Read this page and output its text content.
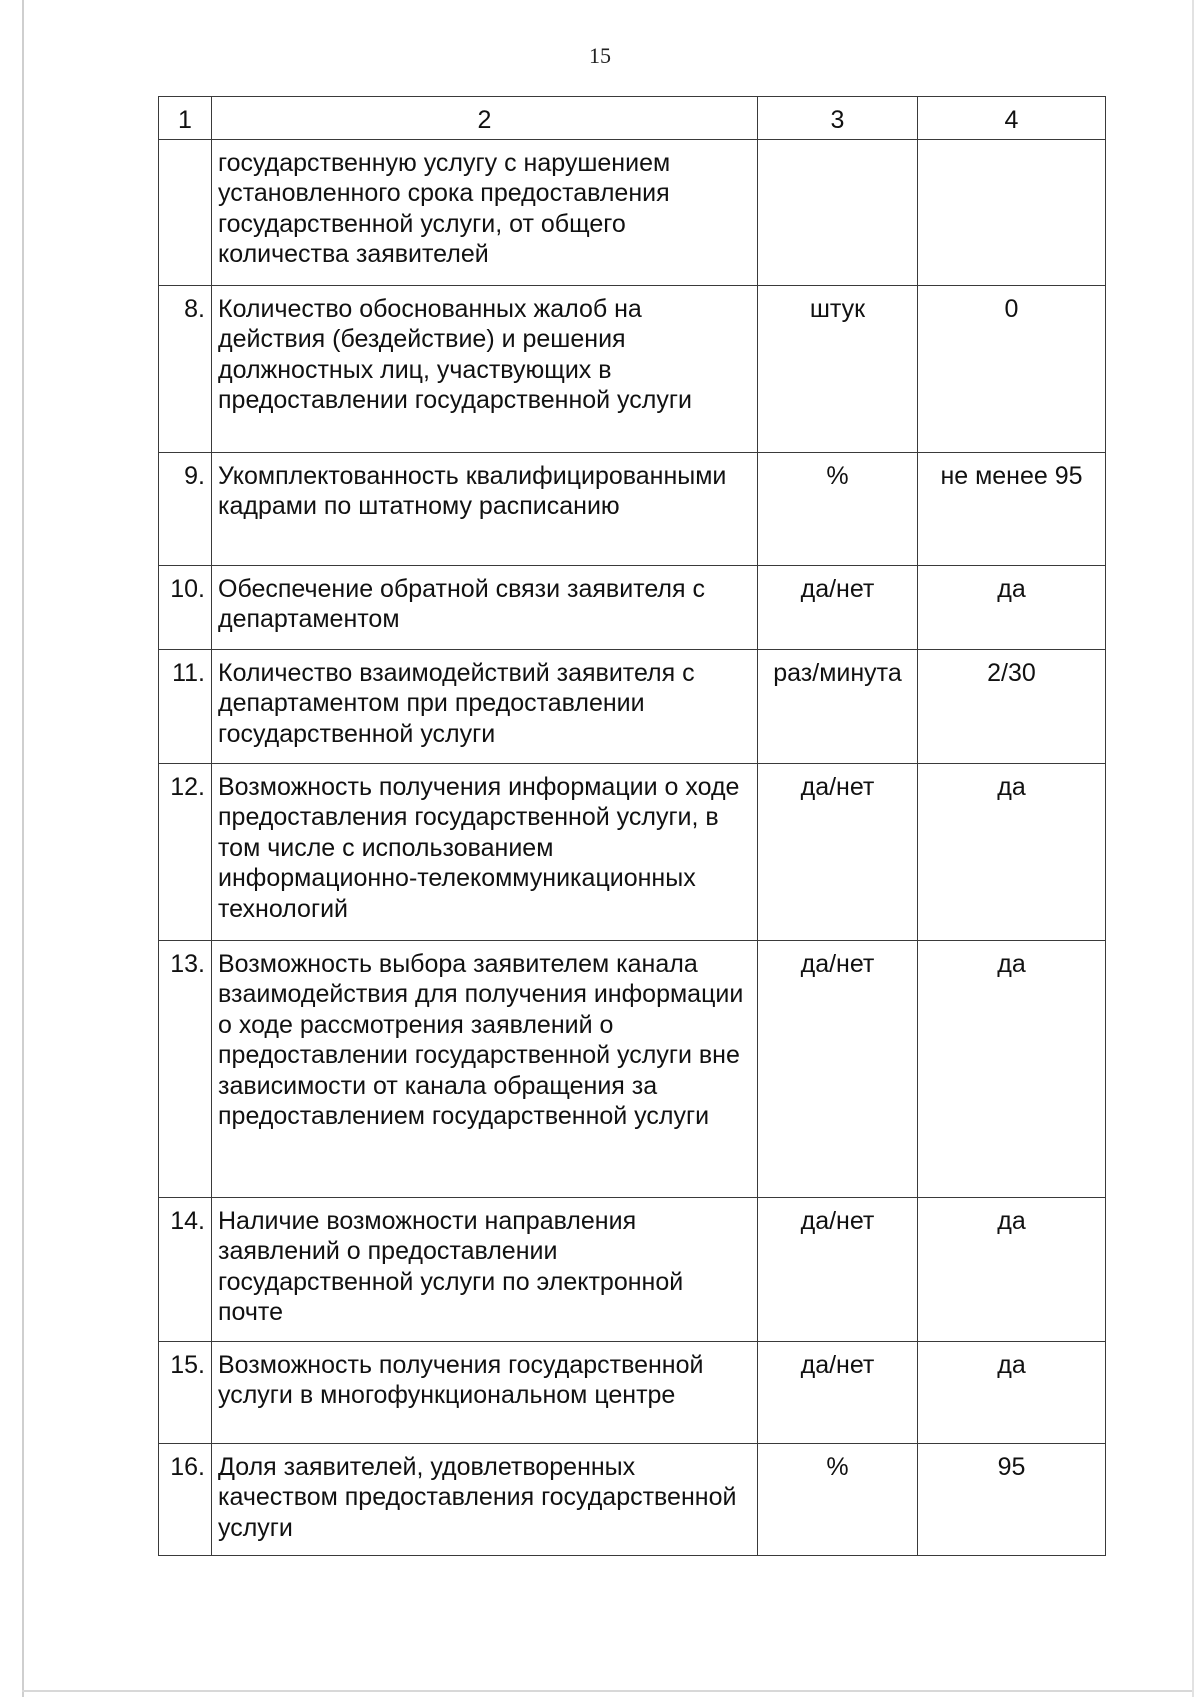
15
1	2	3	4
	государственную услугу с нарушением установленного срока предоставления государственной услуги, от общего количества заявителей		
8.	Количество обоснованных жалоб на действия (бездействие) и решения должностных лиц, участвующих в предоставлении государственной услуги	штук	0
9.	Укомплектованность квалифицированными кадрами по штатному расписанию	%	не менее 95
10.	Обеспечение обратной связи заявителя с департаментом	да/нет	да
11.	Количество взаимодействий заявителя с департаментом при предоставлении государственной услуги	раз/минута	2/30
12.	Возможность получения информации о ходе предоставления государственной услуги, в том числе с использованием информационно-телекоммуникационных технологий	да/нет	да
13.	Возможность выбора заявителем канала взаимодействия для получения информации о ходе рассмотрения заявлений о предоставлении государственной услуги вне зависимости от канала обращения за предоставлением государственной услуги	да/нет	да
14.	Наличие возможности направления заявлений о предоставлении государственной услуги по электронной почте	да/нет	да
15.	Возможность получения государственной услуги в многофункциональном центре	да/нет	да
16.	Доля заявителей, удовлетворенных качеством предоставления государственной услуги	%	95
